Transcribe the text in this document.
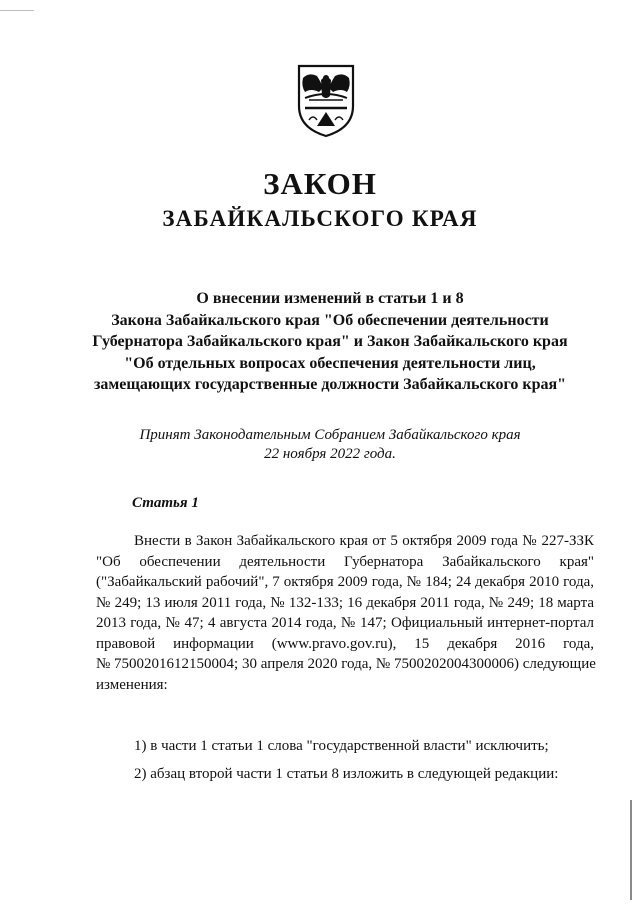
ЗАКОН
ЗАБАЙКАЛЬСКОГО КРАЯ
О внесении изменений в статьи 1 и 8
Закона Забайкальского края "Об обеспечении деятельности
Губернатора Забайкальского края" и Закон Забайкальского края
"Об отдельных вопросах обеспечения деятельности лиц,
замещающих государственные должности Забайкальского края"
Принят Законодательным Собранием Забайкальского края
22 ноября 2022 года.
Статья 1
Внести в Закон Забайкальского края от 5 октября 2009 года № 227-ЗЗК
"Об обеспечении деятельности Губернатора Забайкальского края"
("Забайкальский рабочий", 7 октября 2009 года, № 184; 24 декабря 2010 года,
№ 249; 13 июля 2011 года, № 132-133; 16 декабря 2011 года, № 249; 18 марта
2013 года, № 47; 4 августа 2014 года, № 147; Официальный интернет-портал
правовой информации (www.pravo.gov.ru), 15 декабря 2016 года,
№ 7500201612150004; 30 апреля 2020 года, № 7500202004300006) следующие
изменения:
1) в части 1 статьи 1 слова "государственной власти" исключить;
2) абзац второй части 1 статьи 8 изложить в следующей редакции:
